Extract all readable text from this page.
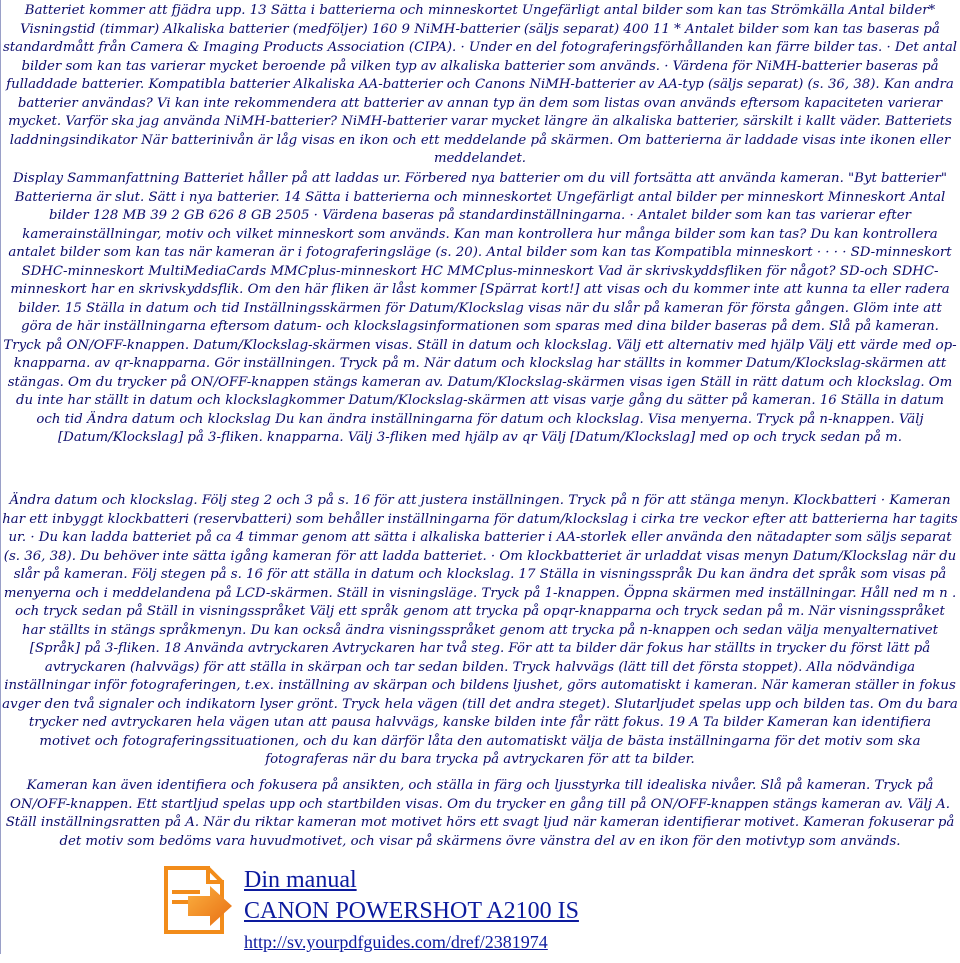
Batteriet kommer att fjädra upp. 13 Sätta i batterierna och minneskortet Ungefärligt antal bilder som kan tas Strömkälla Antal bilder* Visningstid (timmar) Alkaliska batterier (medföljer) 160 9 NiMH-batterier (säljs separat) 400 11 * Antalet bilder som kan tas baseras på standardmått från Camera & Imaging Products Association (CIPA). · Under en del fotograferingsförhållanden kan färre bilder tas. · Det antal bilder som kan tas varierar mycket beroende på vilken typ av alkaliska batterier som används. · Värdena för NiMH-batterier baseras på fulladdade batterier. Kompatibla batterier Alkaliska AA-batterier och Canons NiMH-batterier av AA-typ (säljs separat) (s. 36, 38). Kan andra batterier användas? Vi kan inte rekommendera att batterier av annan typ än dem som listas ovan används eftersom kapaciteten varierar mycket. Varför ska jag använda NiMH-batterier? NiMH-batterier varar mycket längre än alkaliska batterier, särskilt i kallt väder. Batteriets laddningsindikator När batterinivån är låg visas en ikon och ett meddelande på skärmen. Om batterierna är laddade visas inte ikonen eller meddelandet.

Display Sammanfattning Batteriet håller på att laddas ur. Förbered nya batterier om du vill fortsätta att använda kameran. "Byt batterier" Batterierna är slut. Sätt i nya batterier. 14 Sätta i batterierna och minneskortet Ungefärligt antal bilder per minneskort Minneskort Antal bilder 128 MB 39 2 GB 626 8 GB 2505 · Värdena baseras på standardinställningarna. · Antalet bilder som kan tas varierar efter kamerainställningar, motiv och vilket minneskort som används. Kan man kontrollera hur många bilder som kan tas? Du kan kontrollera antalet bilder som kan tas när kameran är i fotograferingsläge (s. 20). Antal bilder som kan tas Kompatibla minneskort · · · · SD-minneskort SDHC-minneskort MultiMediaCards MMCplus-minneskort HC MMCplus-minneskort Vad är skrivskyddsfliken för något? SD-och SDHC-minneskort har en skrivskyddsflik. Om den här fliken är låst kommer [Spärrat kort!] att visas och du kommer inte att kunna ta eller radera bilder. 15 Ställa in datum och tid Inställningsskärmen för Datum/Klockslag visas när du slår på kameran för första gången. Glöm inte att göra de här inställningarna eftersom datum- och klockslagsinformationen som sparas med dina bilder baseras på dem. Slå på kameran. Tryck på ON/OFF-knappen. Datum/Klockslag-skärmen visas. Ställ in datum och klockslag. Välj ett alternativ med hjälp Välj ett värde med op-knapparna. av qr-knapparna. Gör inställningen. Tryck på m. När datum och klockslag har ställts in kommer Datum/Klockslag-skärmen att stängas. Om du trycker på ON/OFF-knappen stängs kameran av. Datum/Klockslag-skärmen visas igen Ställ in rätt datum och klockslag. Om du inte har ställt in datum och klockslagkommer Datum/Klockslag-skärmen att visas varje gång du sätter på kameran. 16 Ställa in datum och tid Ändra datum och klockslag Du kan ändra inställningarna för datum och klockslag. Visa menyerna. Tryck på n-knappen. Välj [Datum/Klockslag] på 3-fliken. knapparna. Välj 3-fliken med hjälp av qr Välj [Datum/Klockslag] med op och tryck sedan på m.

Ändra datum och klockslag. Följ steg 2 och 3 på s. 16 för att justera inställningen. Tryck på n för att stänga menyn. Klockbatteri · Kameran har ett inbyggt klockbatteri (reservbatteri) som behåller inställningarna för datum/klockslag i cirka tre veckor efter att batterierna har tagits ur. · Du kan ladda batteriet på ca 4 timmar genom att sätta i alkaliska batterier i AA-storlek eller använda den nätadapter som säljs separat (s. 36, 38). Du behöver inte sätta igång kameran för att ladda batteriet. · Om klockbatteriet är urladdat visas menyn Datum/Klockslag när du slår på kameran. Följ stegen på s. 16 för att ställa in datum och klockslag. 17 Ställa in visningsspråk Du kan ändra det språk som visas på menyerna och i meddelandena på LCD-skärmen. Ställ in visningsläge. Tryck på 1-knappen. Öppna skärmen med inställningar. Håll ned m n . och tryck sedan på Ställ in visningsspråket Välj ett språk genom att trycka på opqr-knapparna och tryck sedan på m. När visningsspråket har ställts in stängs språkmenyn. Du kan också ändra visningsspråket genom att trycka på n-knappen och sedan välja menyalternativet [Språk] på 3-fliken. 18 Använda avtryckaren Avtryckaren har två steg. För att ta bilder där fokus har ställts in trycker du först lätt på avtryckaren (halvvägs) för att ställa in skärpan och tar sedan bilden. Tryck halvvägs (lätt till det första stoppet). Alla nödvändiga inställningar inför fotograferingen, t.ex. inställning av skärpan och bildens ljushet, görs automatiskt i kameran. När kameran ställer in fokus avger den två signaler och indikatorn lyser grönt. Tryck hela vägen (till det andra steget). Slutarljudet spelas upp och bilden tas. Om du bara trycker ned avtryckaren hela vägen utan att pausa halvvägs, kanske bilden inte får rätt fokus. 19 A Ta bilder Kameran kan identifiera motivet och fotograferingssituationen, och du kan därför låta den automatiskt välja de bästa inställningarna för det motiv som ska fotograferas när du bara trycka på avtryckaren för att ta bilder.

Kameran kan även identifiera och fokusera på ansikten, och ställa in färg och ljusstyrka till idealiska nivåer. Slå på kameran. Tryck på ON/OFF-knappen. Ett startljud spelas upp och startbilden visas. Om du trycker en gång till på ON/OFF-knappen stängs kameran av. Välj A. Ställ inställningsratten på A. När du riktar kameran mot motivet hörs ett svagt ljud när kameran identifierar motivet. Kameran fokuserar på det motiv som bedöms vara huvudmotivet, och visar på skärmens övre vänstra del av en ikon för den motivtyp som används.

Din manual
CANON POWERSHOT A2100 IS
http://sv.yourpdfguides.com/dref/2381974
